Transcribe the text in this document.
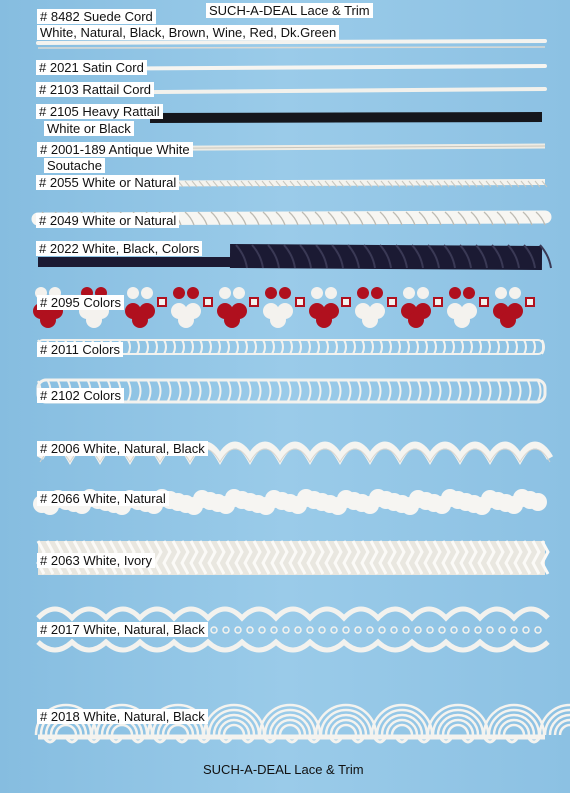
SUCH-A-DEAL Lace & Trim
# 8482 Suede Cord
White, Natural, Black, Brown, Wine, Red, Dk.Green
# 2021 Satin Cord
# 2103 Rattail Cord
# 2105 Heavy Rattail
White or Black
# 2001-189 Antique White
Soutache
# 2055 White or Natural
# 2049 White or Natural
# 2022 White, Black, Colors
# 2095 Colors
# 2011 Colors
# 2102 Colors
# 2006 White, Natural, Black
# 2066 White, Natural
# 2063 White, Ivory
# 2017 White, Natural, Black
# 2018 White, Natural, Black
SUCH-A-DEAL Lace & Trim
